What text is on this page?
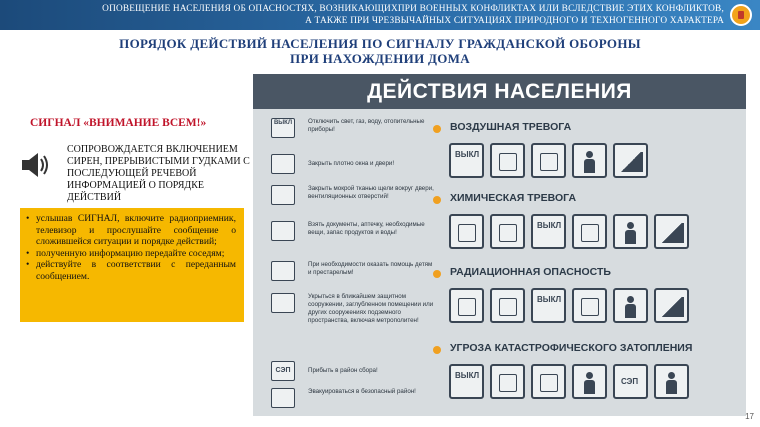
ОПОВЕЩЕНИЕ НАСЕЛЕНИЯ ОБ ОПАСНОСТЯХ, ВОЗНИКАЮЩИХПРИ ВОЕННЫХ КОНФЛИКТАХ ИЛИ ВСЛЕДСТВИЕ ЭТИХ КОНФЛИКТОВ,
А ТАКЖЕ ПРИ ЧРЕЗВЫЧАЙНЫХ СИТУАЦИЯХ ПРИРОДНОГО И ТЕХНОГЕННОГО ХАРАКТЕРА
ПОРЯДОК ДЕЙСТВИЙ НАСЕЛЕНИЯ ПО СИГНАЛУ ГРАЖДАНСКОЙ ОБОРОНЫ
ПРИ НАХОЖДЕНИИ ДОМА
СИГНАЛ «ВНИМАНИЕ ВСЕМ!»
СОПРОВОЖДАЕТСЯ ВКЛЮЧЕНИЕМ СИРЕН, ПРЕРЫВИСТЫМИ ГУДКАМИ С ПОСЛЕДУЮЩЕЙ РЕЧЕВОЙ ИНФОРМАЦИЕЙ О ПОРЯДКЕ ДЕЙСТВИЙ
• услышав СИГНАЛ, включите радиоприемник, телевизор и прослушайте сообщение о сложившейся ситуации и порядке действий;
• полученную информацию передайте соседям;
• действуйте в соответствии с переданным сообщением.
ДЕЙСТВИЯ НАСЕЛЕНИЯ
ВЫКЛ	Отключить свет, газ, воду, отопительные приборы!
Закрыть плотно окна и двери!
Закрыть мокрой тканью щели вокруг двери, вентиляционных отверстий!
Взять документы, аптечку, необходимые вещи, запас продуктов и воды!
При необходимости оказать помощь детям и престарелым!
Укрыться в ближайшем защитном сооружении, заглубленном помещении или других сооружениях подземного пространства, включая метрополитен!
СЭП	Прибыть в район сбора!
Эвакуироваться в безопасный район!
ВОЗДУШНАЯ ТРЕВОГА
ВЫКЛ
ХИМИЧЕСКАЯ ТРЕВОГА
ВЫКЛ
РАДИАЦИОННАЯ ОПАСНОСТЬ
ВЫКЛ
УГРОЗА КАТАСТРОФИЧЕСКОГО ЗАТОПЛЕНИЯ
ВЫКЛ
СЭП
17
